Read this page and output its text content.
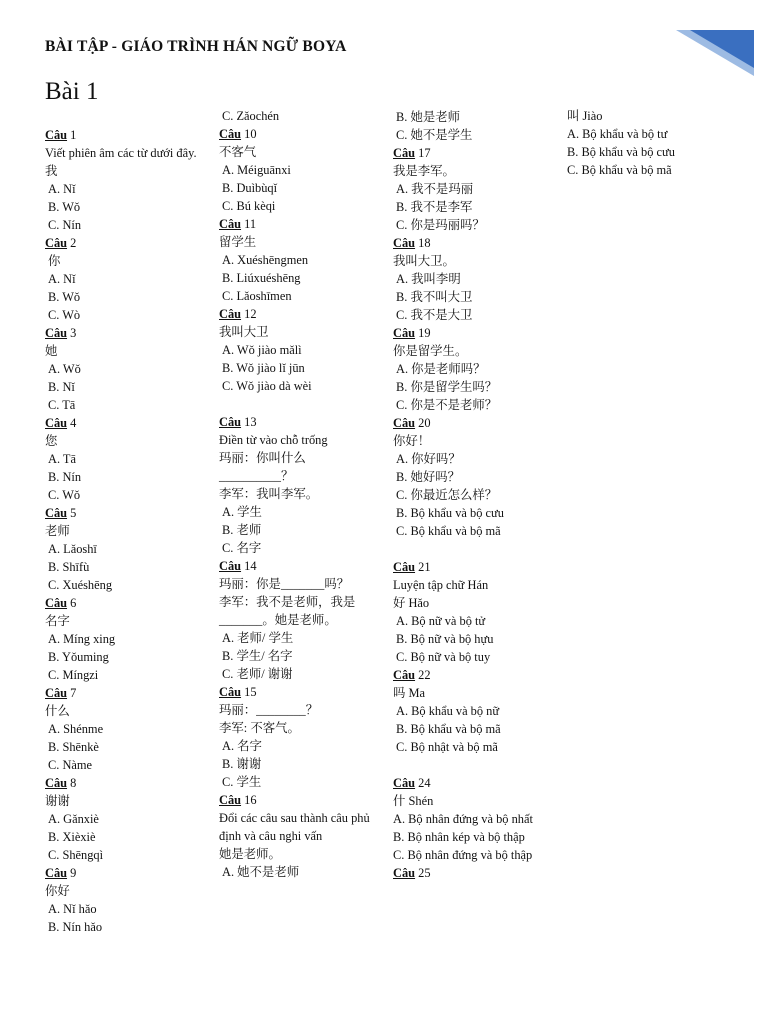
BÀI TẬP - GIÁO TRÌNH HÁN NGỮ BOYA
Bài 1
Câu 1
Viết phiên âm các từ dưới đây.
我
A. Nǐ
B. Wǒ
C. Nín
Câu 2
你
A. Nǐ
B. Wǒ
C. Wò
Câu 3
她
A. Wǒ
B. Nǐ
C. Tā
Câu 4
您
A. Tā
B. Nín
C. Wǒ
Câu 5
老师
A. Lǎoshī
B. Shīfù
C. Xuéshēng
Câu 6
名字
A. Míng xing
B. Yǒuming
C. Míngzi
Câu 7
什么
A. Shénme
B. Shēnkè
C. Nàme
Câu 8
谢谢
A. Gǎnxiè
B. Xièxiè
C. Shēngqì
Câu 9
你好
A. Nǐ hǎo
B. Nín hǎo
C. Zǎochén
Câu 10
不客气
A. Méiguānxi
B. Duìbùqǐ
C. Bú kèqi
Câu 11
留学生
A. Xuéshēngmen
B. Liúxuéshēng
C. Lǎoshīmen
Câu 12
我叫大卫
A. Wǒ jiào mǎlì
B. Wǒ jiào lǐ jūn
C. Wǒ jiào dà wèi
Câu 13
Điền từ vào chỗ trống
玛丽：你叫什么
__________？
李军：我叫李军。
A. 学生
B. 老师
C. 名字
Câu 14
玛丽：你是_______吗？
李军：我不是老师，我是
_______。她是老师。
A. 老师/ 学生
B. 学生/ 名字
C. 老师/ 谢谢
Câu 15
玛丽：________？
李军: 不客气。
A. 名字
B. 谢谢
C. 学生
Câu 16
Đổi các câu sau thành câu phủ
định và câu nghi vấn
她是老师。
A. 她不是老师
B. 她是老师
C. 她不是学生
Câu 17
我是李军。
A. 我不是玛丽
B. 我不是李军
C. 你是玛丽吗？
Câu 18
我叫大卫。
A. 我叫李明
B. 我不叫大卫
C. 我不是大卫
Câu 19
你是留学生。
A. 你是老师吗？
B. 你是留学生吗？
C. 你是不是老师？
Câu 20
你好！
A. 你好吗？
B. 她好吗？
C. 你最近怎么样？
B. Bộ khẩu và bộ cưu
C. Bộ khẩu và bộ mã
Câu 21
Luyện tập chữ Hán
好 Hǎo
A. Bộ nữ và bộ tử
B. Bộ nữ và bộ hựu
C. Bộ nữ và bộ tuy
Câu 22
吗 Ma
A. Bộ khẩu và bộ nữ
B. Bộ khẩu và bộ mã
C. Bộ nhật và bộ mã
Câu 24
什 Shén
A. Bộ nhân đứng và bộ nhất
B. Bộ nhân kép và bộ thập
C. Bộ nhân đứng và bộ thập
Câu 25
叫 Jiào
A. Bộ khẩu và bộ tư
B. Bộ khẩu và bộ cưu
C. Bộ khẩu và bộ mã
